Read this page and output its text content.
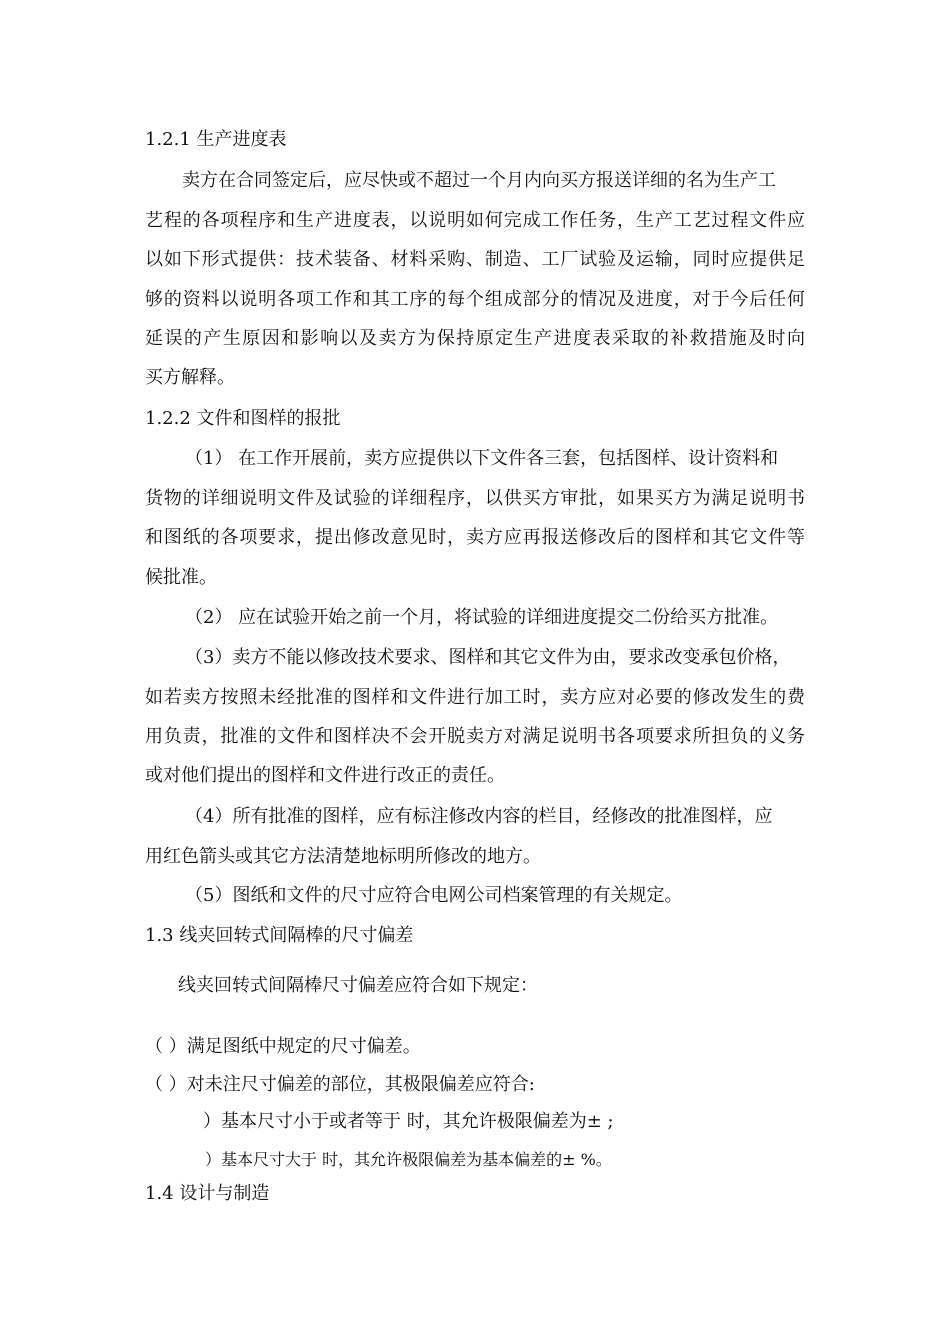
1.2.1 生产进度表
卖方在合同签定后，应尽快或不超过一个月内向买方报送详细的名为生产工
艺程的各项程序和生产进度表，以说明如何完成工作任务，生产工艺过程文件应
以如下形式提供：技术装备、材料采购、制造、工厂试验及运输，同时应提供足
够的资料以说明各项工作和其工序的每个组成部分的情况及进度，对于今后任何
延误的产生原因和影响以及卖方为保持原定生产进度表采取的补救措施及时向
买方解释。
1.2.2 文件和图样的报批
（1） 在工作开展前，卖方应提供以下文件各三套，包括图样、设计资料和
货物的详细说明文件及试验的详细程序，以供买方审批，如果买方为满足说明书
和图纸的各项要求，提出修改意见时，卖方应再报送修改后的图样和其它文件等
候批准。
（2） 应在试验开始之前一个月，将试验的详细进度提交二份给买方批准。
（3）卖方不能以修改技术要求、图样和其它文件为由，要求改变承包价格，
如若卖方按照未经批准的图样和文件进行加工时，卖方应对必要的修改发生的费
用负责，批准的文件和图样决不会开脱卖方对满足说明书各项要求所担负的义务
或对他们提出的图样和文件进行改正的责任。
（4）所有批准的图样，应有标注修改内容的栏目，经修改的批准图样，应
用红色箭头或其它方法清楚地标明所修改的地方。
（5）图纸和文件的尺寸应符合电网公司档案管理的有关规定。
1.3 线夹回转式间隔棒的尺寸偏差
线夹回转式间隔棒尺寸偏差应符合如下规定：
（ ）满足图纸中规定的尺寸偏差。
（ ）对未注尺寸偏差的部位，其极限偏差应符合:
）基本尺寸小于或者等于 时，其允许极限偏差为± ;
）基本尺寸大于 时，其允许极限偏差为基本偏差的± %。
1.4 设计与制造
